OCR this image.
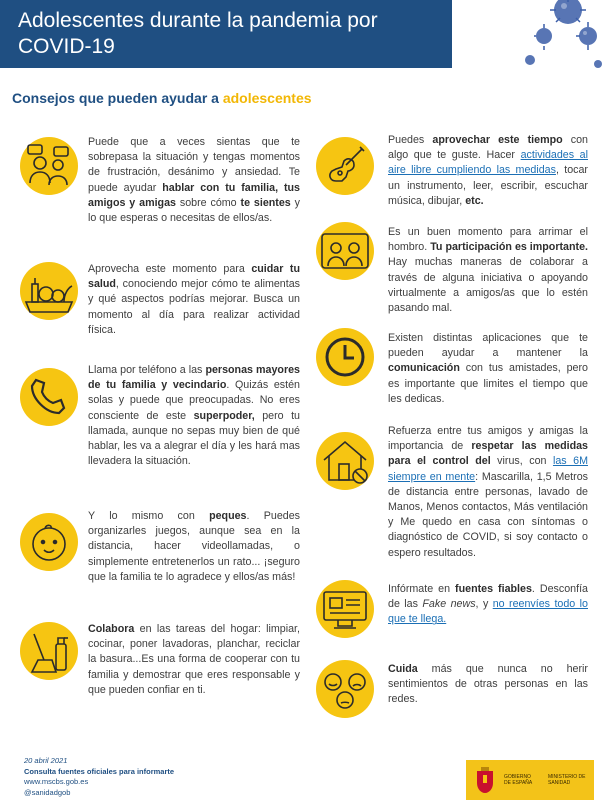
Adolescentes durante la pandemia por COVID-19
Consejos que pueden ayudar a adolescentes
Puede que a veces sientas que te sobrepasa la situación y tengas momentos de frustración, desánimo y ansiedad. Te puede ayudar hablar con tu familia, tus amigos y amigas sobre cómo te sientes y lo que esperas o necesitas de ellos/as.
Aprovecha este momento para cuidar tu salud, conociendo mejor cómo te alimentas y qué aspectos podrías mejorar. Busca un momento al día para realizar actividad física.
Llama por teléfono a las personas mayores de tu familia y vecindario. Quizás estén solas y puede que preocupadas. No eres consciente de este superpoder, pero tu llamada, aunque no sepas muy bien de qué hablar, les va a alegrar el día y les hará mas llevadera la situación.
Y lo mismo con peques. Puedes organizarles juegos, aunque sea en la distancia, hacer videollamadas, o simplemente entretenerlos un rato... ¡seguro que la familia te lo agradece y ellos/as más!
Colabora en las tareas del hogar: limpiar, cocinar, poner lavadoras, planchar, reciclar la basura...Es una forma de cooperar con tu familia y demostrar que eres responsable y que pueden confiar en ti.
Puedes aprovechar este tiempo con algo que te guste. Hacer actividades al aire libre cumpliendo las medidas, tocar un instrumento, leer, escribir, escuchar música, dibujar, etc.
Es un buen momento para arrimar el hombro. Tu participación es importante. Hay muchas maneras de colaborar a través de alguna iniciativa o apoyando virtualmente a amigos/as que lo estén pasando mal.
Existen distintas aplicaciones que te pueden ayudar a mantener la comunicación con tus amistades, pero es importante que limites el tiempo que les dedicas.
Refuerza entre tus amigos y amigas la importancia de respetar las medidas para el control del virus, con las 6M siempre en mente: Mascarilla, 1,5 Metros de distancia entre personas, lavado de Manos, Menos contactos, Más ventilación y Me quedo en casa con síntomas o diagnóstico de COVID, si soy contacto o espero resultados.
Infórmate en fuentes fiables. Desconfía de las Fake news, y no reenvíes todo lo que te llega.
Cuida más que nunca no herir sentimientos de otras personas en las redes.
20 abril 2021
Consulta fuentes oficiales para informarte
www.mscbs.gob.es
@sanidadgob
GOBIERNO DE ESPAÑA
MINISTERIO DE SANIDAD
